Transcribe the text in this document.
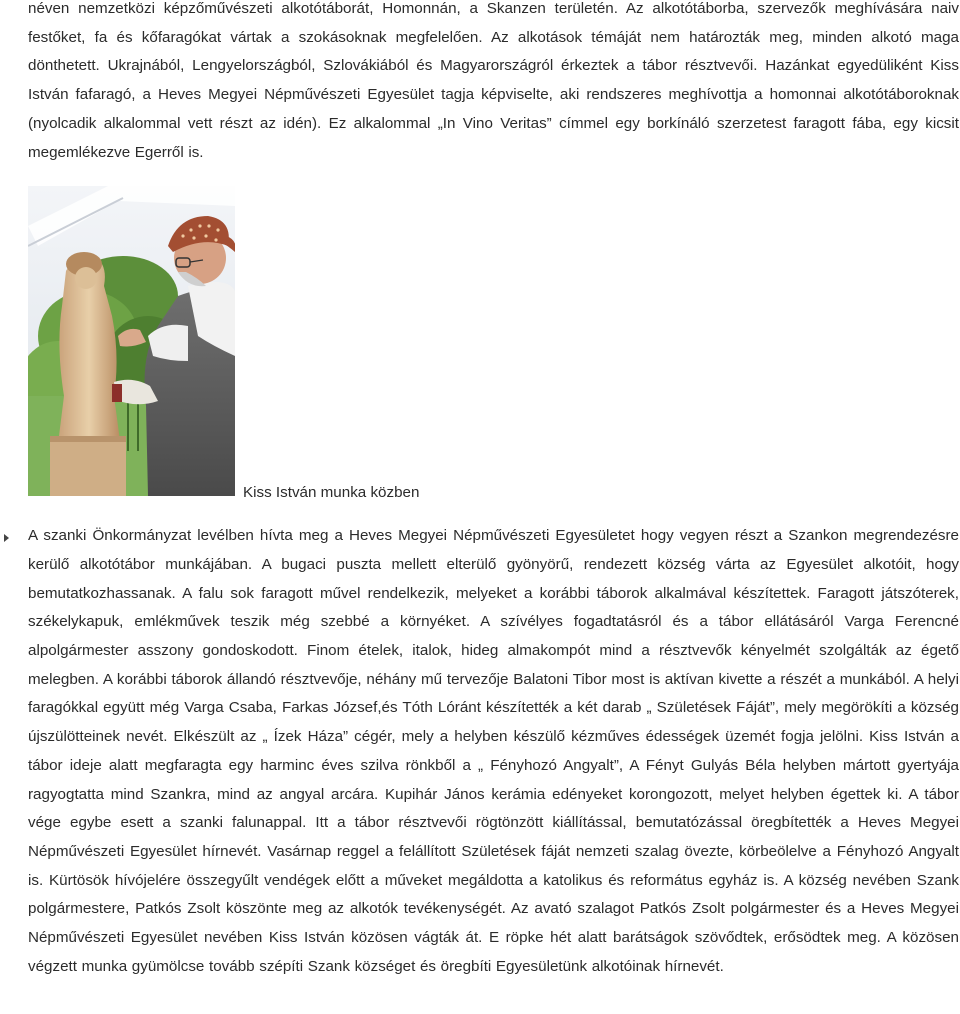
néven nemzetközi képzőművészeti alkotótáborát, Homonnán, a Skanzen területén. Az alkotótáborba, szervezők meghívására naiv festőket, fa és kőfaragókat vártak a szokásoknak megfelelően. Az alkotások témáját nem határozták meg, minden alkotó maga dönthetett. Ukrajnából, Lengyelországból, Szlovákiából és Magyarországról érkeztek a tábor résztvevői. Hazánkat egyedüliként Kiss István fafaragó, a Heves Megyei Népművészeti Egyesület tagja képviselte, aki rendszeres meghívottja a homonnai alkotótáboroknak (nyolcadik alkalommal vett részt az idén). Ez alkalommal „In Vino Veritas” címmel egy borkínáló szerzetest faragott fába, egy kicsit megemlékezve Egerről is.

Kiss István munka közben

A szanki Önkormányzat levélben hívta meg a Heves Megyei Népművészeti Egyesületet hogy vegyen részt a Szankon megrendezésre kerülő alkotótábor munkájában. A bugaci puszta mellett elterülő gyönyörű, rendezett község várta az Egyesület alkotóit, hogy bemutatkozhassanak. A falu sok faragott művel rendelkezik, melyeket a korábbi táborok alkalmával készítettek. Faragott játszóterek, székelykapuk, emlékművek teszik még szebbé a környéket. A szívélyes fogadtatásról és a tábor ellátásáról Varga Ferencné alpolgármester asszony gondoskodott. Finom ételek, italok, hideg almakompót mind a résztvevők kényelmét szolgálták az égető melegben. A korábbi táborok állandó résztvevője, néhány mű tervezője Balatoni Tibor most is aktívan kivette a részét a munkából. A helyi faragókkal együtt még Varga Csaba, Farkas József,és Tóth Lóránt készítették a két darab „ Születések Fáját”, mely megörökíti a község újszülötteinek nevét. Elkészült az „ Ízek Háza” cégér, mely a helyben készülő kézműves édességek üzemét fogja jelölni. Kiss István a tábor ideje alatt megfaragta egy harminc éves szilva rönkből a „ Fényhozó Angyalt”, A Fényt Gulyás Béla helyben mártott gyertyája ragyogtatta mind Szankra, mind az angyal arcára. Kupihár János kerámia edényeket korongozott, melyet helyben égettek ki. A tábor vége egybe esett a szanki falunappal. Itt a tábor résztvevői rögtönzött kiállítással, bemutatózással öregbítették a Heves Megyei Népművészeti Egyesület hírnevét. Vasárnap reggel a felállított Születések fáját nemzeti szalag övezte, körbeölelve a Fényhozó Angyalt is. Kürtösök hívójelére összegyűlt vendégek előtt a műveket megáldotta a katolikus és református egyház is. A község nevében Szank polgármestere, Patkós Zsolt köszönte meg az alkotók tevékenységét. Az avató szalagot Patkós Zsolt polgármester és a Heves Megyei Népművészeti Egyesület nevében Kiss István közösen vágták át. E röpke hét alatt barátságok szövődtek, erősödtek meg. A közösen végzett munka gyümölcse tovább szépíti Szank községet és öregbíti Egyesületünk alkotóinak hírnevét.
